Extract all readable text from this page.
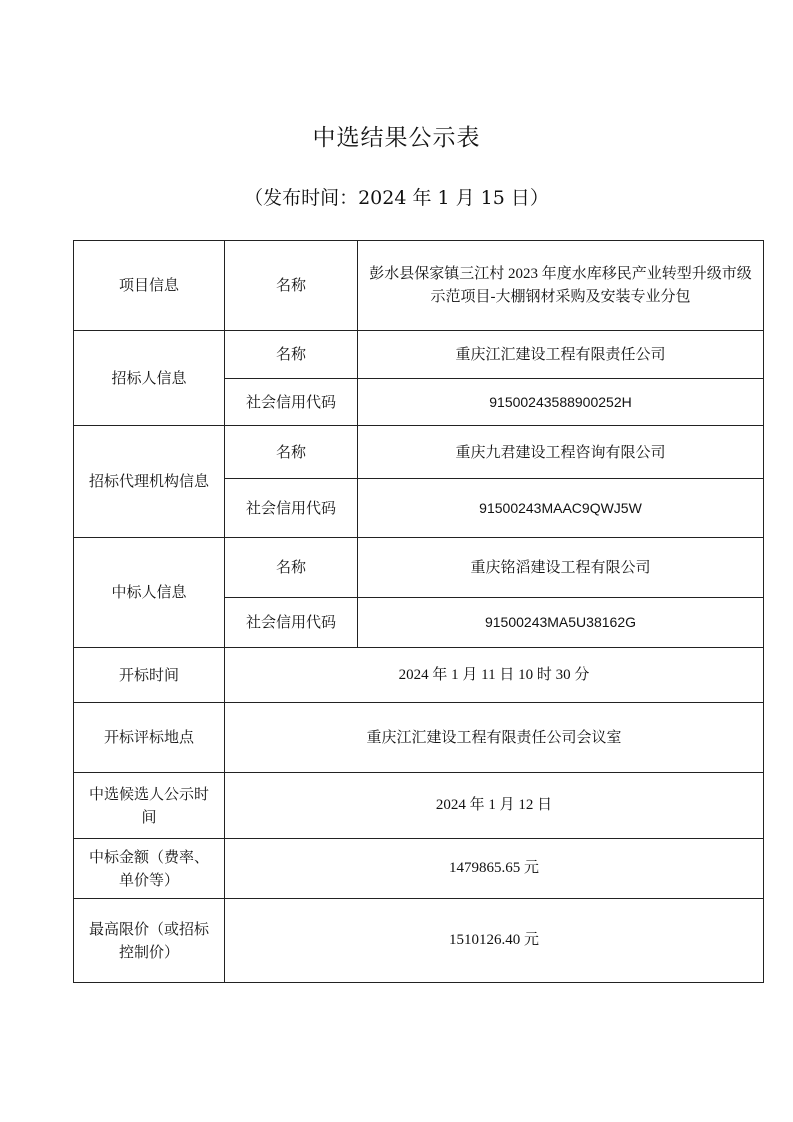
中选结果公示表
（发布时间：2024 年 1 月 15 日）
项目信息	名称	彭水县保家镇三江村 2023 年度水库移民产业转型升级市级示范项目-大棚钢材采购及安装专业分包
招标人信息	名称	重庆江汇建设工程有限责任公司
	社会信用代码	91500243588900252H
招标代理机构信息	名称	重庆九君建设工程咨询有限公司
	社会信用代码	91500243MAAC9QWJ5W
中标人信息	名称	重庆铭滔建设工程有限公司
	社会信用代码	91500243MA5U38162G
开标时间	2024 年 1 月 11 日 10 时 30 分	
开标评标地点	重庆江汇建设工程有限责任公司会议室	
中选候选人公示时间	2024 年 1 月 12 日	
中标金额（费率、单价等）	1479865.65 元	
最高限价（或招标控制价）	1510126.40 元	
